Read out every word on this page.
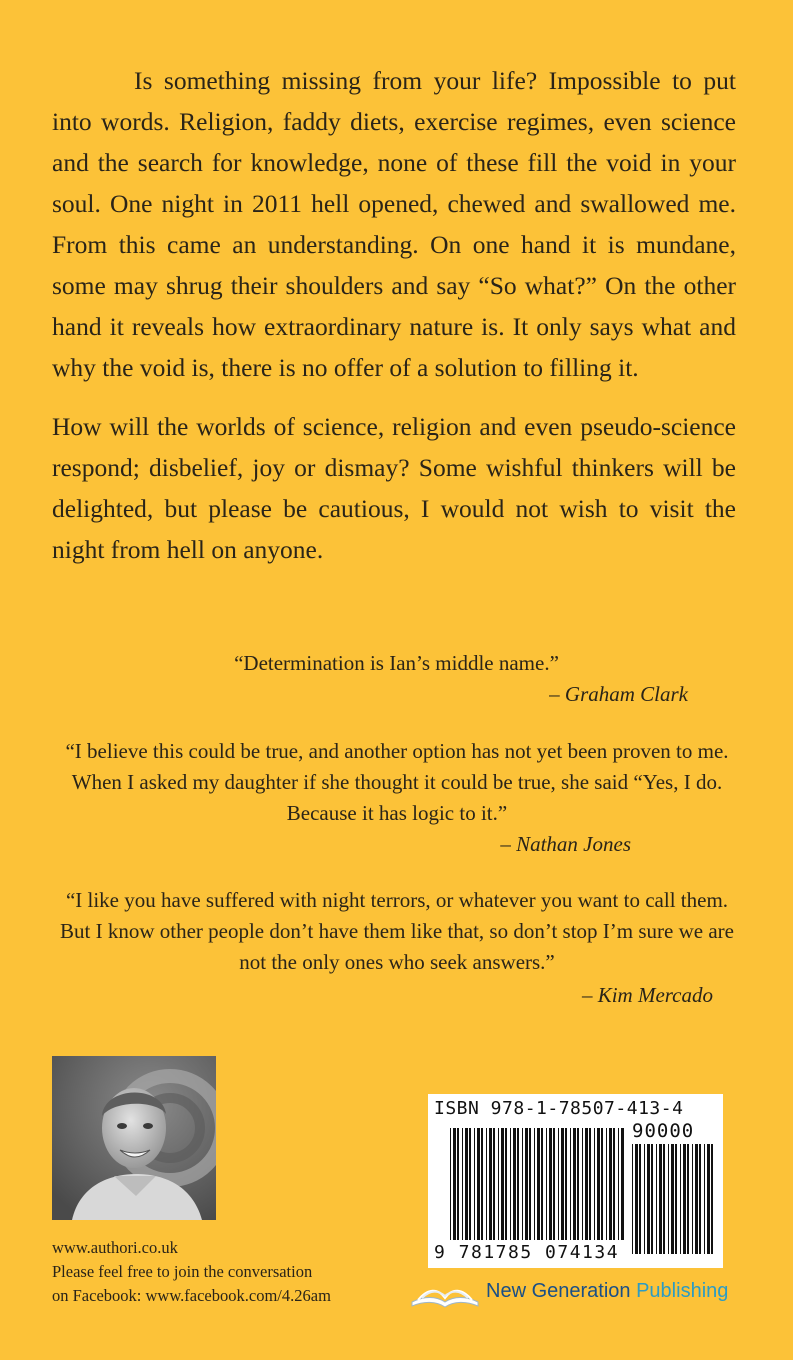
Is something missing from your life? Impossible to put into words. Religion, faddy diets, exercise regimes, even science and the search for knowledge, none of these fill the void in your soul. One night in 2011 hell opened, chewed and swallowed me. From this came an understanding. On one hand it is mundane, some may shrug their shoulders and say “So what?” On the other hand it reveals how extraordinary nature is. It only says what and why the void is, there is no offer of a solution to filling it.

How will the worlds of science, religion and even pseudo-science respond; disbelief, joy or dismay? Some wishful thinkers will be delighted, but please be cautious, I would not wish to visit the night from hell on anyone.

“Determination is Ian’s middle name.”
– Graham Clark
“I believe this could be true, and another option has not yet been proven to me. When I asked my daughter if she thought it could be true, she said “Yes, I do. Because it has logic to it.”
– Nathan Jones
“I like you have suffered with night terrors, or whatever you want to call them. But I know other people don’t have them like that, so don’t stop I’m sure we are not the only ones who seek answers.”
– Kim Mercado
www.authori.co.uk
Please feel free to join the conversation
on Facebook: www.facebook.com/4.26am
ISBN 978-1-78507-413-4
90000
9 781785 074134
New Generation Publishing
